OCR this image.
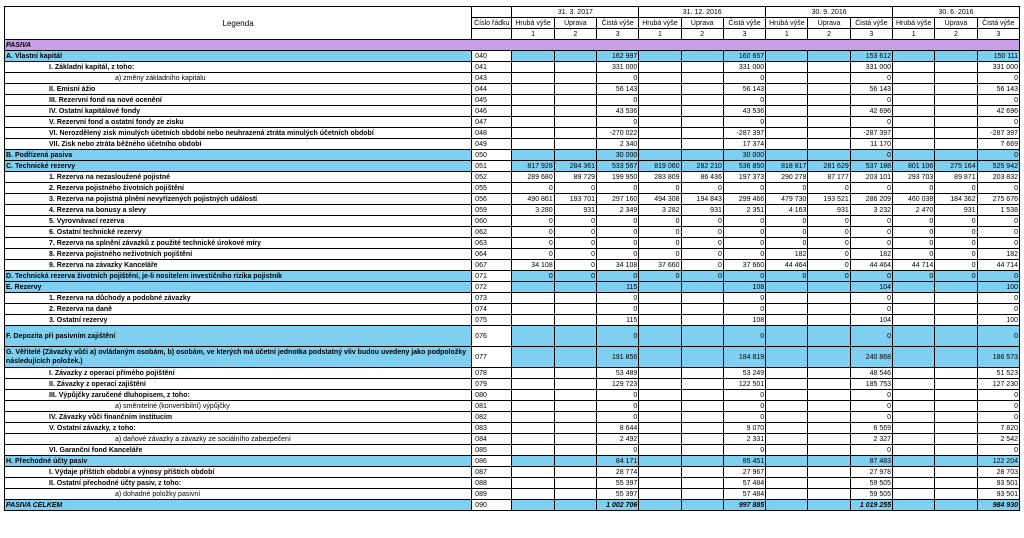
Legenda		31. 3. 2017			31. 12. 2016			30. 9. 2016			30. 6. 2016		
	Číslo řádku	Hrubá výše	Úprava	Čistá výše	Hrubá výše	Úprava	Čistá výše	Hrubá výše	Úprava	Čistá výše	Hrubá výše	Úprava	Čistá výše
		1	2	3	1	2	3	1	2	3	1	2	3
PASIVA													
A. Vlastní kapitál	040			162 997			160 657			153 612			150 111
I. Základní kapitál, z toho:	041			331 000			331 000			331 000			331 000
a) změny základního kapitálu	043			0			0			0			0
II. Emisní ážio	044			56 143			56 143			56 143			56 143
III. Rezervní fond na nové ocenění	045			0			0			0			0
IV. Ostatní kapitálové fondy	046			43 536			43 536			42 696			42 696
V. Rezervní fond a ostatní fondy ze zisku	047			0			0			0			0
VI. Nerozdělený zisk minulých účetních období nebo neuhrazená ztráta minulých účetních období	048			-270 022			-287 397			-287 397			-287 397
VII. Zisk nebo ztráta běžného účetního období	049			2 340			17 374			11 170			7 669
B. Podřízená pasiva	050			30 000			30 000			0			0
C. Technické rezervy	051	817 928	284 361	533 567	819 060	282 210	536 850	818 817	281 629	537 188	801 106	275 164	525 942
1. Rezerva na nezasloužené pojistné	052	289 680	89 729	199 950	283 809	86 436	197 373	290 278	87 177	203 101	293 703	89 871	203 832
2. Rezerva pojistného životních pojištění	055	0	0	0	0	0	0	0	0	0	0	0	0
3. Rezerva na pojistná plnění nevyřízených pojistných událostí	056	490 861	193 701	297 160	494 308	194 843	299 466	479 730	193 521	286 209	460 038	184 362	275 676
4. Rezerva na bonusy a slevy	059	3 280	931	2 349	3 282	931	2 351	4 163	931	3 232	2 470	931	1 538
5. Vyrovnávací rezerva	060	0	0	0	0	0	0	0	0	0	0	0	0
6. Ostatní technické rezervy	062	0	0	0	0	0	0	0	0	0	0	0	0
7. Rezerva na splnění závazků z použité technické úrokové míry	063	0	0	0	0	0	0	0	0	0	0	0	0
8. Rezerva pojistného neživotních pojištění	064	0	0	0	0	0	0	182	0	182	0	0	182
9. Rezerva na závazky Kanceláře	067	34 108	0	34 108	37 660	0	37 660	44 464	0	44 464	44 714	0	44 714
D. Technická rezerva životních pojištění, je-li nositelem investičního rizika pojistník	071	0	0	0	0	0	0	0	0	0	0	0	0
E. Rezervy	072			115			108			104			100
1. Rezerva na důchody a podobné závazky	073			0			0			0			0
2. Rezerva na daně	074			0			0			0			0
3. Ostatní rezervy	075			115			108			104			100
F. Depozita při pasivním zajištění	076			0			0			0			0
G. Věřitelé (Závazky vůči a) ovládaným osobám, b) osobám, ve kterých má účetní jednotka podstatný vliv budou uvedeny jako podpoložky následujících položek.)	077			191 856			184 819			240 868			186 573
I. Závazky z operací přímého pojištění	078			53 489			53 249			48 546			51 523
II. Závazky z operací zajištění	079			129 723			122 501			185 753			127 230
III. Výpůjčky zaručené dluhopisem, z toho:	080			0			0			0			0
a) směnitelné (konvertibilní) výpůjčky	081			0			0			0			0
IV. Závazky vůči finančním institucím	082			0			0			0			0
V. Ostatní závazky, z toho:	083			8 644			9 070			6 569			7 820
a) daňové závazky a závazky ze sociálního zabezpečení	084			2 492			2 331			2 327			2 542
VI. Garanční fond Kanceláře	085			0			0			0			0
H. Přechodné účty pasiv	086			84 171			85 451			87 483			122 204
I. Výdaje příštích období a výnosy příštích období	087			28 774			27 967			27 978			28 703
II. Ostatní přechodné účty pasiv, z toho:	088			55 397			57 484			59 505			93 501
a) dohadné položky pasivní	089			55 397			57 484			59 505			93 501
PASIVA CELKEM	090			1 002 706			997 885			1 019 255			984 930
